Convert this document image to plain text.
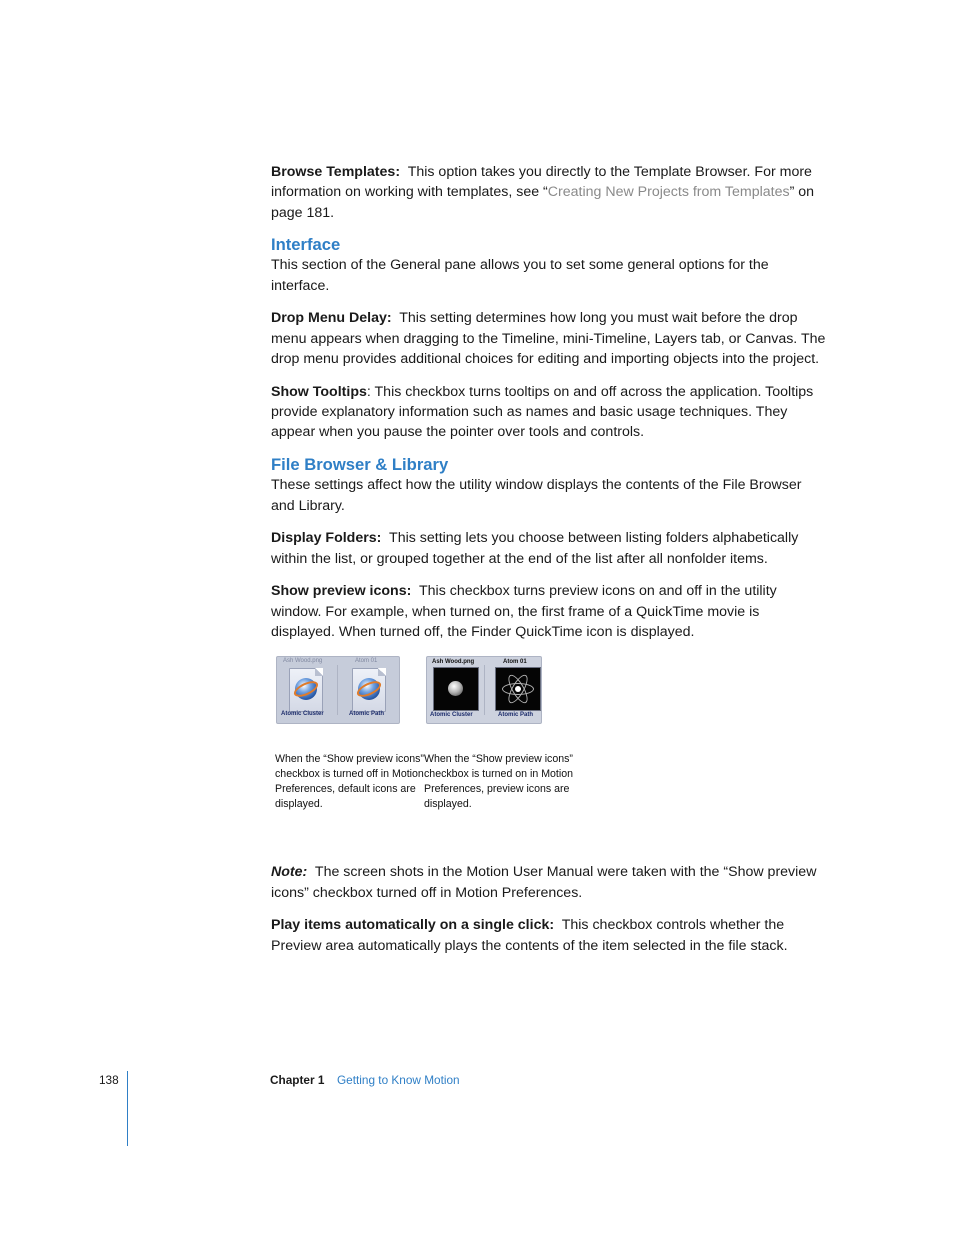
Browse Templates: This option takes you directly to the Template Browser. For more information on working with templates, see “Creating New Projects from Templates” on page 181.

Interface

This section of the General pane allows you to set some general options for the interface.

Drop Menu Delay: This setting determines how long you must wait before the drop menu appears when dragging to the Timeline, mini-Timeline, Layers tab, or Canvas. The drop menu provides additional choices for editing and importing objects into the project.

Show Tooltips: This checkbox turns tooltips on and off across the application. Tooltips provide explanatory information such as names and basic usage techniques. They appear when you pause the pointer over tools and controls.

File Browser & Library

These settings affect how the utility window displays the contents of the File Browser and Library.

Display Folders: This setting lets you choose between listing folders alphabetically within the list, or grouped together at the end of the list after all nonfolder items.

Show preview icons: This checkbox turns preview icons on and off in the utility window. For example, when turned on, the first frame of a QuickTime movie is displayed. When turned off, the Finder QuickTime icon is displayed.

Ash Wood.png	Atom 01
Atomic Cluster	Atomic Path
When the “Show preview icons” checkbox is turned off in Motion Preferences, default icons are displayed.
Ash Wood.png	Atom 01
Atomic Cluster	Atomic Path
When the “Show preview icons” checkbox is turned on in Motion Preferences, preview icons are displayed.

Note: The screen shots in the Motion User Manual were taken with the “Show preview icons” checkbox turned off in Motion Preferences.

Play items automatically on a single click: This checkbox controls whether the Preview area automatically plays the contents of the item selected in the file stack.

138	Chapter 1 Getting to Know Motion
